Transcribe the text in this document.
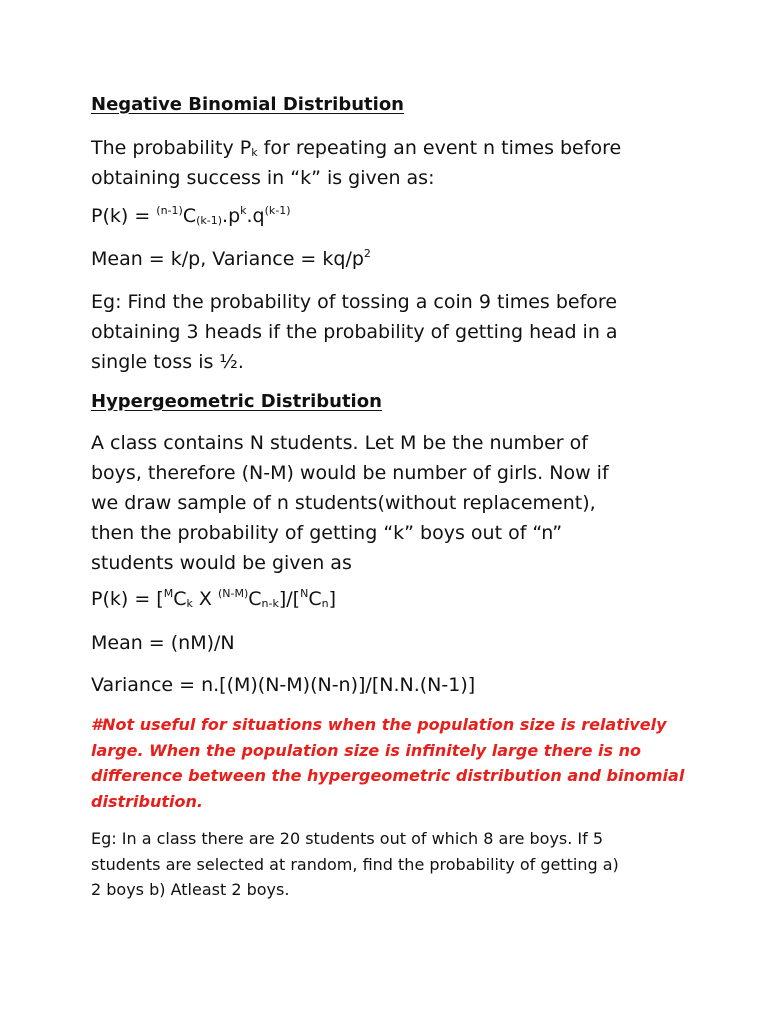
Negative Binomial Distribution
The probability $P_k$ for repeating an event n times before
obtaining success in “k” is given as:
$P(k) = ^{(n-1)}C_{(k-1)}.p^k.q^{(k-1)}$
Mean = k/p, Variance = $kq/p^2$
Eg: Find the probability of tossing a coin 9 times before
obtaining 3 heads if the probability of getting head in a
single toss is ½.
Hypergeometric Distribution
A class contains N students. Let M be the number of
boys, therefore (N-M) would be number of girls. Now if
we draw sample of n students(without replacement),
then the probability of getting “k” boys out of “n”
students would be given as
$P(k) = [^MC_k$ X $^{(N-M)}C_{n-k}]/[^NC_n]$
Mean = (nM)/N
Variance = n.[(M)(N-M)(N-n)]/[N.N.(N-1)]
#Not useful for situations when the population size is relatively
large. When the population size is infinitely large there is no
difference between the hypergeometric distribution and binomial
distribution.
Eg: In a class there are 20 students out of which 8 are boys. If 5
students are selected at random, find the probability of getting a)
2 boys b) Atleast 2 boys.
